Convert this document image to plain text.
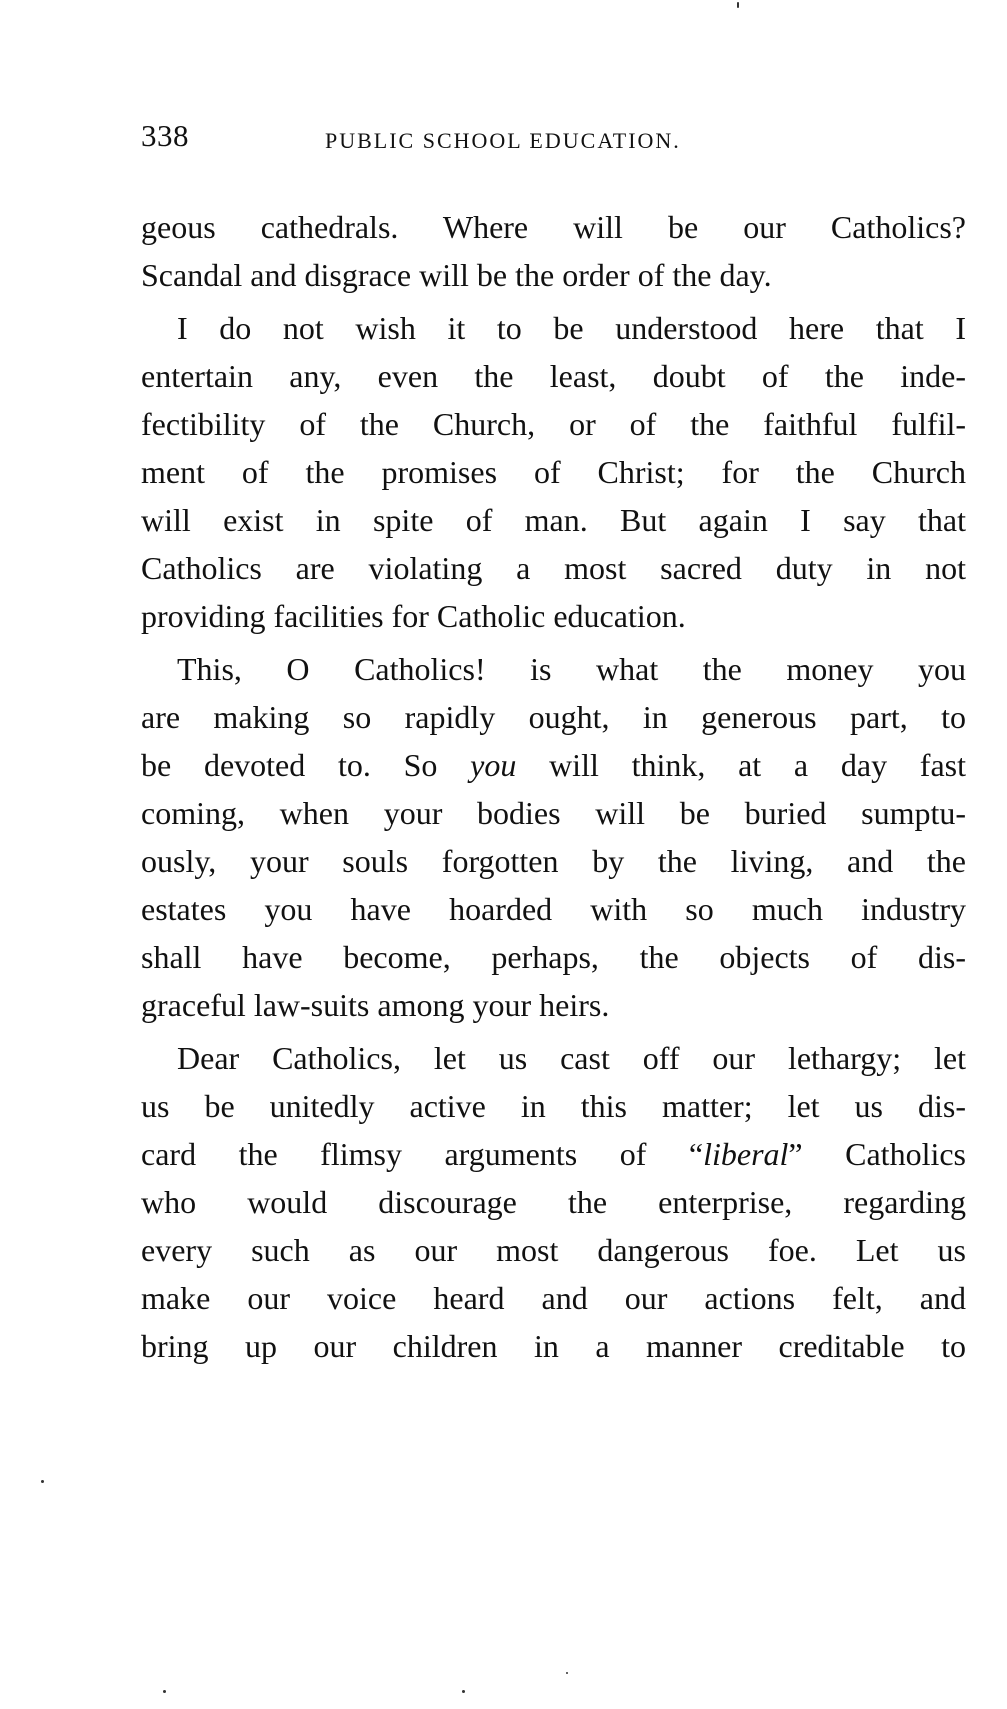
338	PUBLIC SCHOOL EDUCATION.
geous cathedrals. Where will be our Catholics?
Scandal and disgrace will be the order of the day.
I do not wish it to be understood here that I
entertain any, even the least, doubt of the inde-
fectibility of the Church, or of the faithful fulfil-
ment of the promises of Christ; for the Church
will exist in spite of man. But again I say that
Catholics are violating a most sacred duty in not
providing facilities for Catholic education.
This, O Catholics! is what the money you
are making so rapidly ought, in generous part, to
be devoted to. So you will think, at a day fast
coming, when your bodies will be buried sumptu-
ously, your souls forgotten by the living, and the
estates you have hoarded with so much industry
shall have become, perhaps, the objects of dis-
graceful law-suits among your heirs.
Dear Catholics, let us cast off our lethargy; let
us be unitedly active in this matter; let us dis-
card the flimsy arguments of “liberal” Catholics
who would discourage the enterprise, regarding
every such as our most dangerous foe. Let us
make our voice heard and our actions felt, and
bring up our children in a manner creditable to
